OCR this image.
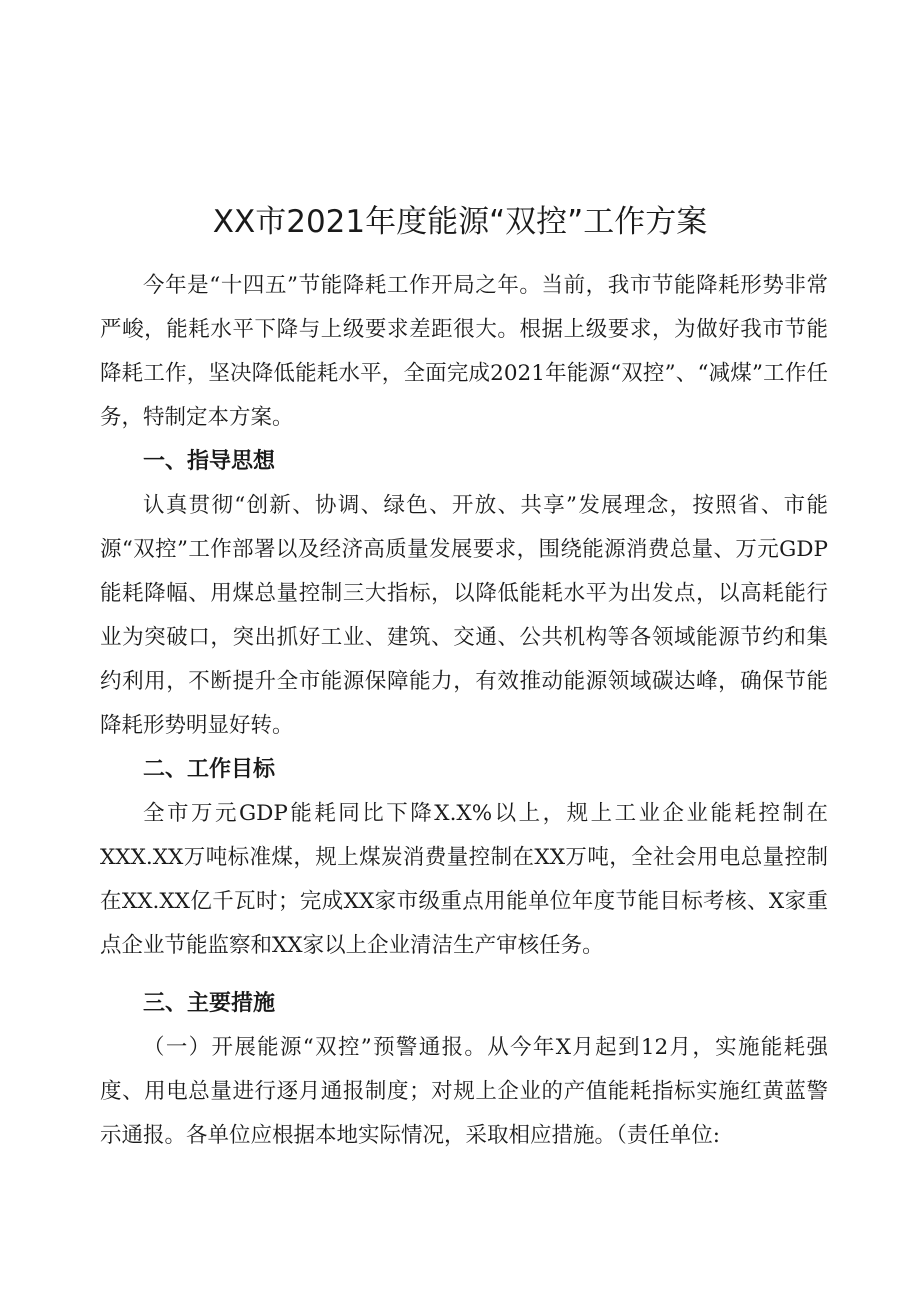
XX市2021年度能源“双控”工作方案

今年是“十四五”节能降耗工作开局之年。当前，我市节能降耗形势非常严峻，能耗水平下降与上级要求差距很大。根据上级要求，为做好我市节能降耗工作，坚决降低能耗水平，全面完成2021年能源“双控”、“减煤”工作任务，特制定本方案。

一、指导思想

认真贯彻“创新、协调、绿色、开放、共享”发展理念，按照省、市能源“双控”工作部署以及经济高质量发展要求，围绕能源消费总量、万元GDP能耗降幅、用煤总量控制三大指标，以降低能耗水平为出发点，以高耗能行业为突破口，突出抓好工业、建筑、交通、公共机构等各领域能源节约和集约利用，不断提升全市能源保障能力，有效推动能源领域碳达峰，确保节能降耗形势明显好转。

二、工作目标

全市万元GDP能耗同比下降X.X%以上，规上工业企业能耗控制在XXX.XX万吨标准煤，规上煤炭消费量控制在XX万吨，全社会用电总量控制在XX.XX亿千瓦时；完成XX家市级重点用能单位年度节能目标考核、X家重点企业节能监察和XX家以上企业清洁生产审核任务。

三、主要措施

（一）开展能源“双控”预警通报。从今年X月起到12月，实施能耗强度、用电总量进行逐月通报制度；对规上企业的产值能耗指标实施红黄蓝警示通报。各单位应根据本地实际情况，采取相应措施。（责任单位:
